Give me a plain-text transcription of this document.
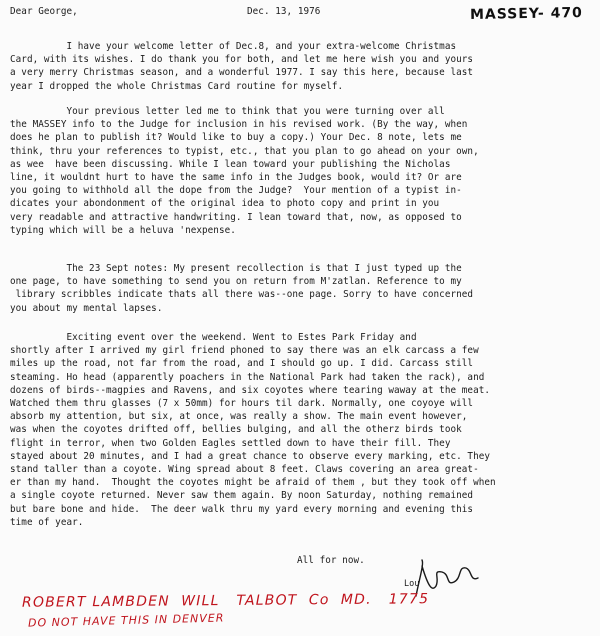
Dear George,	Dec. 13, 1976	MASSEY- 470
I have your welcome letter of Dec.8, and your extra-welcome Christmas
Card, with its wishes. I do thank you for both, and let me here wish you and yours
a very merry Christmas season, and a wonderful 1977. I say this here, because last
year I dropped the whole Christmas Card routine for myself.
Your previous letter led me to think that you were turning over all
the MASSEY info to the Judge for inclusion in his revised work. (By the way, when
does he plan to publish it? Would like to buy a copy.) Your Dec. 8 note, lets me
think, thru your references to typist, etc., that you plan to go ahead on your own,
as wee  have been discussing. While I lean toward your publishing the Nicholas
line, it wouldnt hurt to have the same info in the Judges book, would it? Or are
you going to withhold all the dope from the Judge?  Your mention of a typist in-
dicates your abondonment of the original idea to photo copy and print in you
very readable and attractive handwriting. I lean toward that, now, as opposed to
typing which will be a heluva 'nexpense.
The 23 Sept notes: My present recollection is that I just typed up the
one page, to have something to send you on return from M'zatlan. Reference to my
library scribbles indicate thats all there was--one page. Sorry to have concerned
you about my mental lapses.
Exciting event over the weekend. Went to Estes Park Friday and
shortly after I arrived my girl friend phoned to say there was an elk carcass a few
miles up the road, not far from the road, and I should go up. I did. Carcass still
steaming. Ho head (apparently poachers in the National Park had taken the rack), and
dozens of birds--magpies and Ravens, and six coyotes where tearing waway at the meat.
Watched them thru glasses (7 x 50mm) for hours til dark. Normally, one coyoye will
absorb my attention, but six, at once, was really a show. The main event however,
was when the coyotes drifted off, bellies bulging, and all the otherz birds took
flight in terror, when two Golden Eagles settled down to have their fill. They
stayed about 20 minutes, and I had a great chance to observe every marking, etc. They
stand taller than a coyote. Wing spread about 8 feet. Claws covering an area great-
er than my hand.  Thought the coyotes might be afraid of them , but they took off when
a single coyote returned. Never saw them again. By noon Saturday, nothing remained
but bare bone and hide.  The deer walk thru my yard every morning and evening this
time of year.
All for now.
Lou
ROBERT LAMBDEN  WILL   TALBOT  Co  MD.   1775
DO NOT HAVE THIS IN DENVER
